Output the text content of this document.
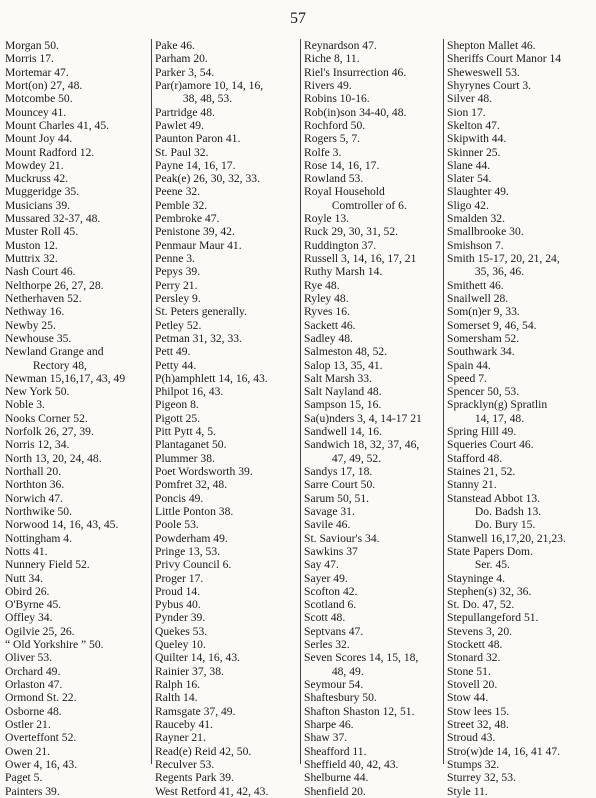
57
Morgan 50.
Morris 17.
Mortemar 47.
Mort(on) 27, 48.
Motcombe 50.
Mouncey 41.
Mount Charles 41, 45.
Mount Joy 44.
Mount Radford 12.
Mowdey 21.
Muckruss 42.
Muggeridge 35.
Musicians 39.
Mussared 32-37, 48.
Muster Roll 45.
Muston 12.
Muttrix 32.
Nash Court 46.
Nelthorpe 26, 27, 28.
Netherhaven 52.
Nethway 16.
Newby 25.
Newhouse 35.
Newland Grange and
Rectory 48,
Newman 15,16,17, 43, 49
New York 50.
Noble 3.
Nooks Corner 52.
Norfolk 26, 27, 39.
Norris 12, 34.
North 13, 20, 24, 48.
Northall 20.
Northton 36.
Norwich 47.
Northwike 50.
Norwood 14, 16, 43, 45.
Nottingham 4.
Notts 41.
Nunnery Field 52.
Nutt 34.
Obird 26.
O'Byrne 45.
Offley 34.
Ogilvie 25, 26.
“ Old Yorkshire ” 50.
Oliver 53.
Orchard 49.
Orlaston 47.
Ormond St. 22.
Osborne 48.
Ostler 21.
Overteffont 52.
Owen 21.
Ower 4, 16, 43.
Paget 5.
Painters 39.
Pake 46.
Parham 20.
Parker 3, 54.
Par(r)amore 10, 14, 16,
38, 48, 53.
Partridge 48.
Pawlet 49.
Paunton Paron 41.
St. Paul 32.
Payne 14, 16, 17.
Peak(e) 26, 30, 32, 33.
Peene 32.
Pemble 32.
Pembroke 47.
Penistone 39, 42.
Penmaur Maur 41.
Penne 3.
Pepys 39.
Perry 21.
Persley 9.
St. Peters generally.
Petley 52.
Petman 31, 32, 33.
Pett 49.
Petty 44.
P(h)amphlett 14, 16, 43.
Philpot 16, 43.
Pigeon 8.
Pigott 25.
Pitt Pytt 4, 5.
Plantaganet 50.
Plummer 38.
Poet Wordsworth 39.
Pomfret 32, 48.
Poncis 49.
Little Ponton 38.
Poole 53.
Powderham 49.
Pringe 13, 53.
Privy Council 6.
Proger 17.
Proud 14.
Pybus 40.
Pynder 39.
Quekes 53.
Queley 10.
Quilter 14, 16, 43.
Rainier 37, 38.
Ralph 16.
Ralth 14.
Ramsgate 37, 49.
Rauceby 41.
Rayner 21.
Read(e) Reid 42, 50.
Reculver 53.
Regents Park 39.
West Retford 41, 42, 43.
Reynardson 47.
Riche 8, 11.
Riel's Insurrection 46.
Rivers 49.
Robins 10-16.
Rob(in)son 34-40, 48.
Rochford 50.
Rogers 5, 7.
Rolfe 3.
Rose 14, 16, 17.
Rowland 53.
Royal Household
Comtroller of 6.
Royle 13.
Ruck 29, 30, 31, 52.
Ruddington 37.
Russell 3, 14, 16, 17, 21
Ruthy Marsh 14.
Rye 48.
Ryley 48.
Ryves 16.
Sackett 46.
Sadley 48.
Salmeston 48, 52.
Salop 13, 35, 41.
Salt Marsh 33.
Salt Nayland 48.
Sampson 15, 16.
Sa(u)nders 3, 4, 14-17 21
Sandwell 14, 16.
Sandwich 18, 32, 37, 46,
47, 49, 52.
Sandys 17, 18.
Sarre Court 50.
Sarum 50, 51.
Savage 31.
Savile 46.
St. Saviour's 34.
Sawkins 37
Say 47.
Sayer 49.
Scofton 42.
Scotland 6.
Scott 48.
Septvans 47.
Serles 32.
Seven Scores 14, 15, 18,
48, 49.
Seymour 54.
Shaftesbury 50.
Shafton Shaston 12, 51.
Sharpe 46.
Shaw 37.
Sheafford 11.
Sheffield 40, 42, 43.
Shelburne 44.
Shenfield 20.
Shepton Mallet 46.
Sheriffs Court Manor 14
Sheweswell 53.
Shyrynes Court 3.
Silver 48.
Sion 17.
Skelton 47.
Skipwith 44.
Skinner 25.
Slane 44.
Slater 54.
Slaughter 49.
Sligo 42.
Smalden 32.
Smallbrooke 30.
Smishson 7.
Smith 15-17, 20, 21, 24,
35, 36, 46.
Smithett 46.
Snailwell 28.
Som(n)er 9, 33.
Somerset 9, 46, 54.
Somersham 52.
Southwark 34.
Spain 44.
Speed 7.
Spencer 50, 53.
Spracklyn(g) Spratlin
14, 17, 48.
Spring Hill 49.
Squeries Court 46.
Stafford 48.
Staines 21, 52.
Stanny 21.
Stanstead Abbot 13.
Do. Badsh 13.
Do. Bury 15.
Stanwell 16,17,20, 21,23.
State Papers Dom.
Ser. 45.
Stayninge 4.
Stephen(s) 32, 36.
St. Do. 47, 52.
Stepullangeford 51.
Stevens 3, 20.
Stockett 48.
Stonard 32.
Stone 51.
Stovell 20.
Stow 44.
Stow lees 15.
Street 32, 48.
Stroud 43.
Stro(w)de 14, 16, 41 47.
Stumps 32.
Sturrey 32, 53.
Style 11.
